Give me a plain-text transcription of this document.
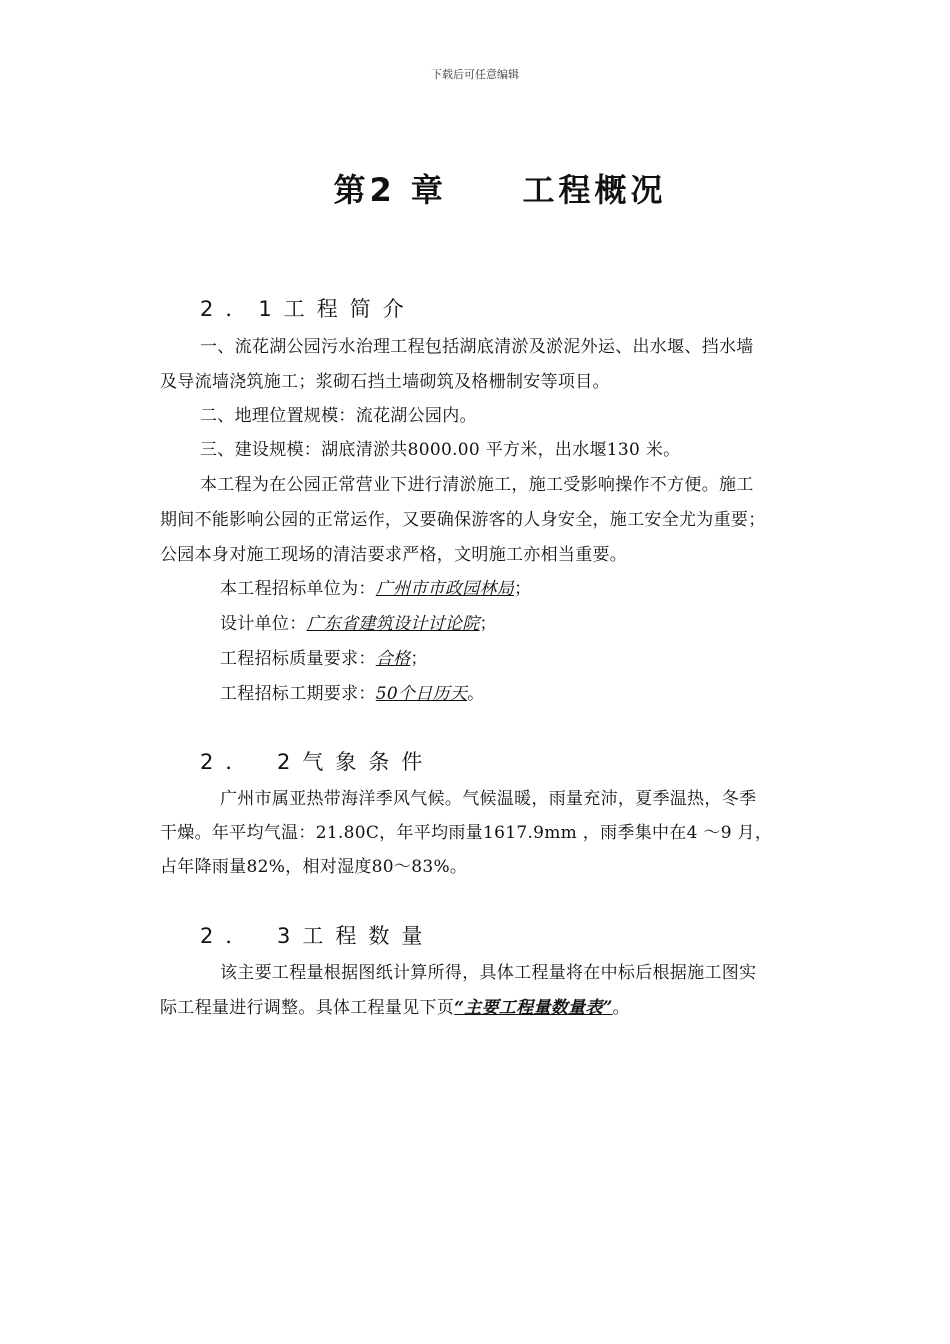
下载后可任意编辑
第2 章     工程概况
2．1工程简介
一、流花湖公园污水治理工程包括湖底清淤及淤泥外运、出水堰、挡水墙
及导流墙浇筑施工；浆砌石挡土墙砌筑及格栅制安等项目。
二、地理位置规模：流花湖公园内。
三、建设规模：湖底清淤共8000.00 平方米，出水堰130 米。
本工程为在公园正常营业下进行清淤施工，施工受影响操作不方便。施工
期间不能影响公园的正常运作，又要确保游客的人身安全，施工安全尤为重要；
公园本身对施工现场的清洁要求严格，文明施工亦相当重要。
本工程招标单位为：广州市市政园林局；
设计单位：广东省建筑设计讨论院；
工程招标质量要求：合格；
工程招标工期要求：50个日历天。
2． 2气象条件
广州市属亚热带海洋季风气候。气候温暖，雨量充沛，夏季温热，冬季
干燥。年平均气温：21.80C，年平均雨量1617.9mm ，雨季集中在4 ～9 月，
占年降雨量82%，相对湿度80～83%。
2． 3工程数量
该主要工程量根据图纸计算所得，具体工程量将在中标后根据施工图实
际工程量进行调整。具体工程量见下页“主要工程量数量表”。
